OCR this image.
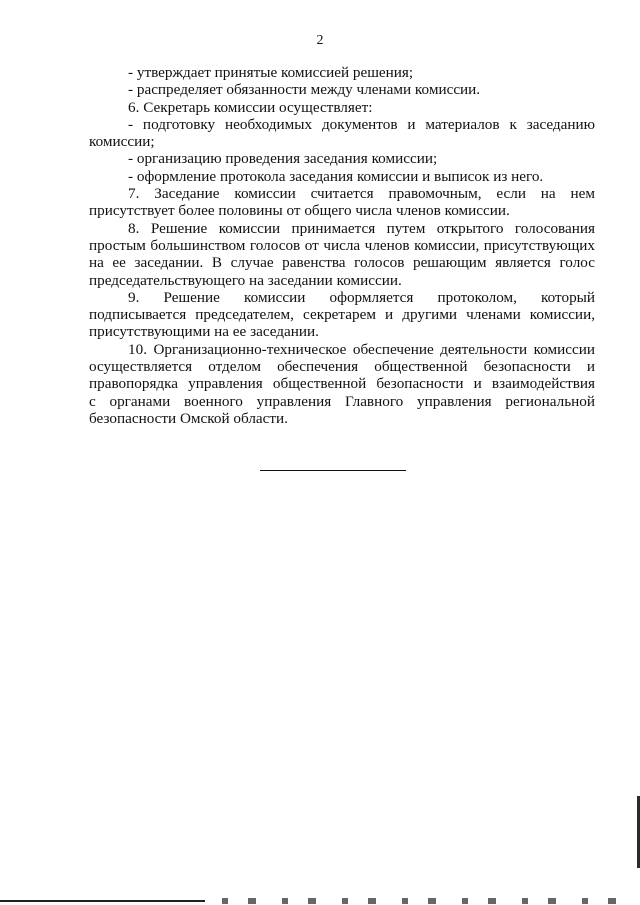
2
- утверждает принятые комиссией решения;
- распределяет обязанности между членами комиссии.
6. Секретарь комиссии осуществляет:
- подготовку необходимых документов и материалов к заседанию
комиссии;
- организацию проведения заседания комиссии;
- оформление протокола заседания комиссии и выписок из него.
7. Заседание комиссии считается правомочным, если на нем
присутствует более половины от общего числа членов комиссии.
8. Решение комиссии принимается путем открытого голосования
простым большинством голосов от числа членов комиссии, присутствующих
на ее заседании. В случае равенства голосов решающим является голос
председательствующего на заседании комиссии.
9. Решение комиссии оформляется протоколом, который
подписывается председателем, секретарем и другими членами комиссии,
присутствующими на ее заседании.
10. Организационно-техническое обеспечение деятельности комиссии
осуществляется отделом обеспечения общественной безопасности и
правопорядка управления общественной безопасности и взаимодействия
с органами военного управления Главного управления региональной
безопасности Омской области.
